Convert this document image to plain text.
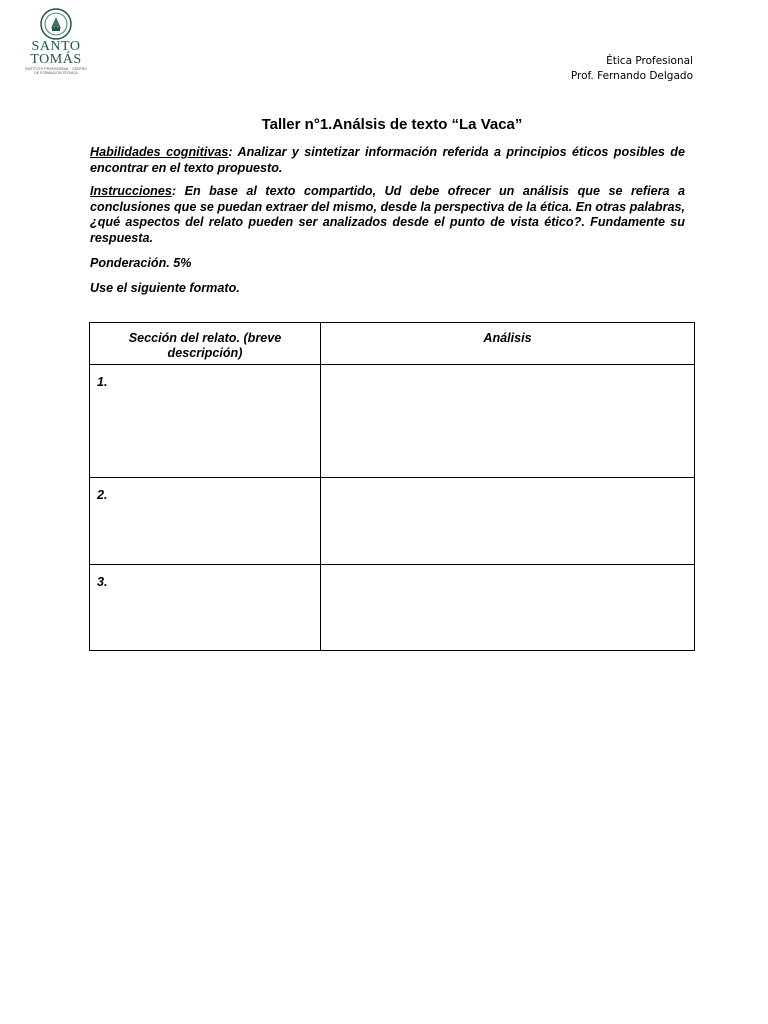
SANTO
TOMÁS
INSTITUTO PROFESIONAL · CENTRO DE FORMACIÓN TÉCNICA
Ética Profesional
Prof. Fernando Delgado
Taller n°1.Análsis de texto “La Vaca”
Habilidades cognitivas: Analizar y sintetizar información referida a principios éticos posibles de encontrar en el texto propuesto.
Instrucciones: En base al texto compartido, Ud debe ofrecer un análisis que se refiera a conclusiones que se puedan extraer del mismo, desde la perspectiva de la ética. En otras palabras, ¿qué aspectos del relato pueden ser analizados desde el punto de vista ético?. Fundamente su respuesta.
Ponderación. 5%
Use el siguiente formato.
Sección del relato. (breve descripción)	Análisis
1.	
2.	
3.	
